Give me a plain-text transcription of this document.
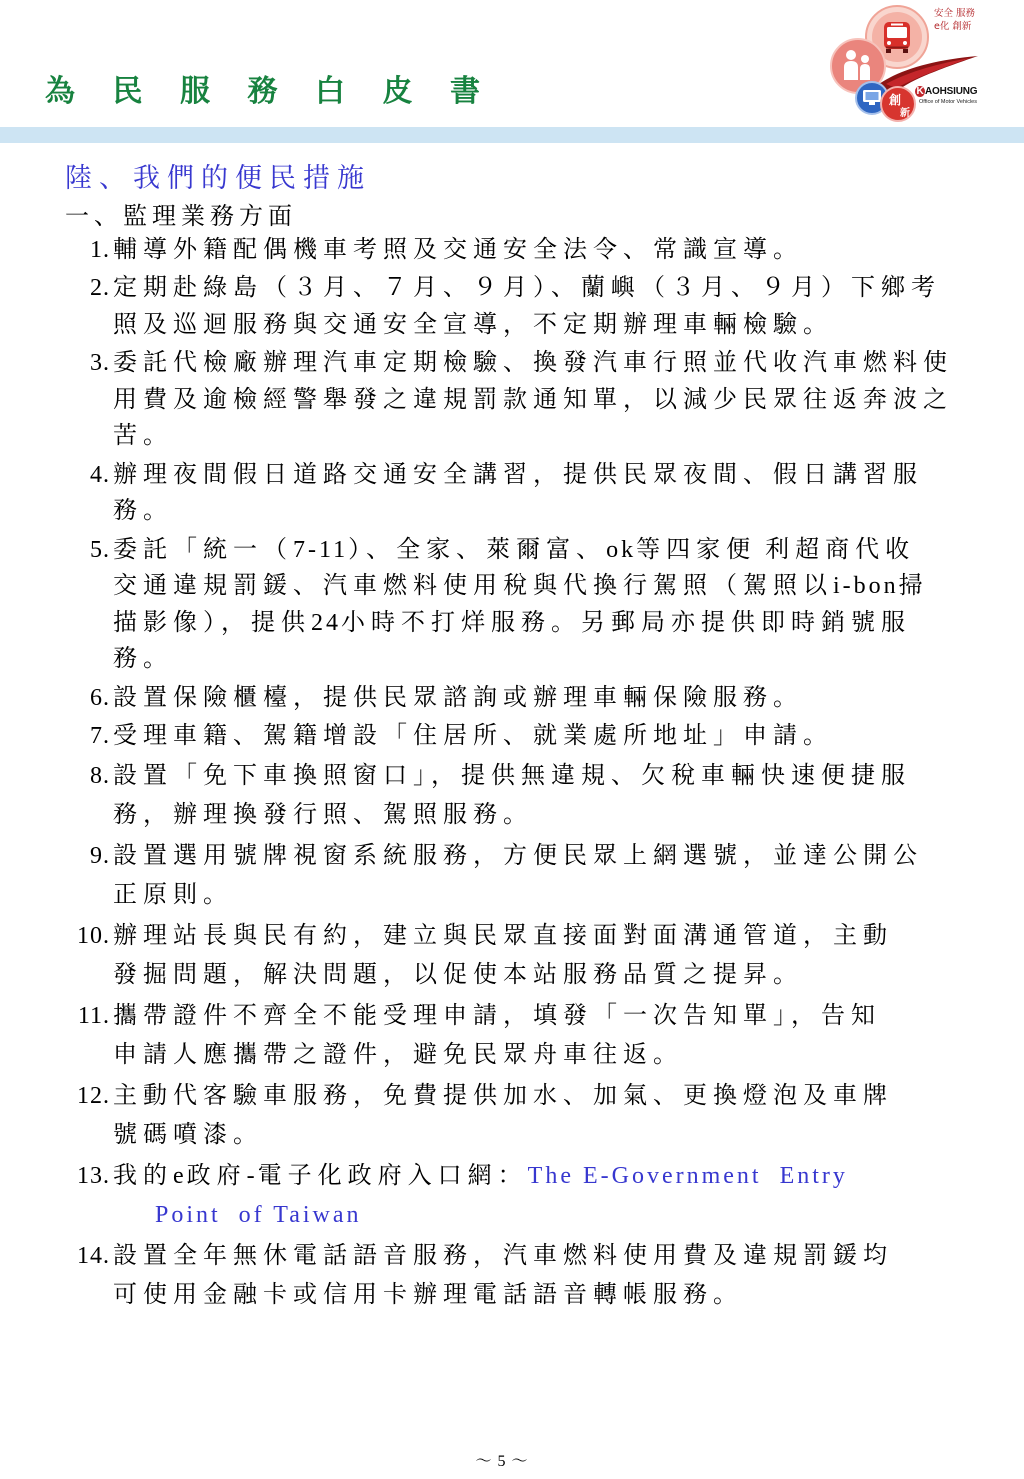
為 民 服 務 白 皮 書	創
新
安全 服務
e化 創新
KAOHSIUNG
Office of Motor Vehicles
陸、我們的便民措施
一、監理業務方面
1. 輔導外籍配偶機車考照及交通安全法令、常識宣導。
2. 定期赴綠島（３月、７月、９月）、蘭嶼（３月、９月）下鄉考
照及巡迴服務與交通安全宣導，不定期辦理車輛檢驗。
3. 委託代檢廠辦理汽車定期檢驗、換發汽車行照並代收汽車燃料使
用費及逾檢經警舉發之違規罰款通知單，以減少民眾往返奔波之
苦。
4. 辦理夜間假日道路交通安全講習，提供民眾夜間、假日講習服
務。
5. 委託「統一（7-11）、全家、萊爾富、ok等四家便 利超商代收
交通違規罰鍰、汽車燃料使用稅與代換行駕照（駕照以i-bon掃
描影像），提供24小時不打烊服務。另郵局亦提供即時銷號服
務。
6. 設置保險櫃檯，提供民眾諮詢或辦理車輛保險服務。
7. 受理車籍、駕籍增設「住居所、就業處所地址」申請。
8. 設置「免下車換照窗口」，提供無違規、欠稅車輛快速便捷服
務，辦理換發行照、駕照服務。
9. 設置選用號牌視窗系統服務，方便民眾上網選號，並達公開公
正原則。
10. 辦理站長與民有約，建立與民眾直接面對面溝通管道，主動
發掘問題，解決問題，以促使本站服務品質之提昇。
11. 攜帶證件不齊全不能受理申請，填發「一次告知單」，告知
申請人應攜帶之證件，避免民眾舟車往返。
12. 主動代客驗車服務，免費提供加水、加氣、更換燈泡及車牌
號碼噴漆。
13. 我的e政府-電子化政府入口網：The E-Government  Entry
Point  of Taiwan
14. 設置全年無休電話語音服務，汽車燃料使用費及違規罰鍰均
可使用金融卡或信用卡辦理電話語音轉帳服務。
～ 5 ～
